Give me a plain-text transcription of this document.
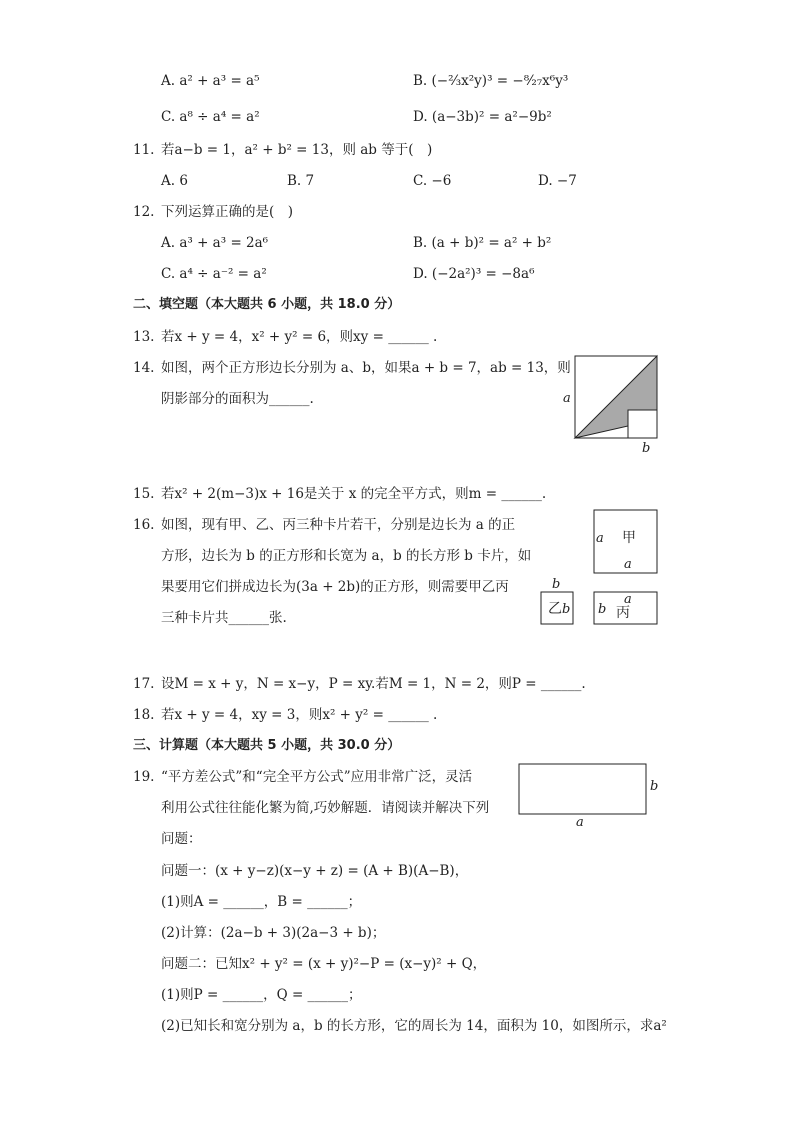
A. a² + a³ = a⁵	B. (−²⁄₃x²y)³ = −⁸⁄₂₇x⁶y³
C. a⁸ ÷ a⁴ = a²	D. (a−3b)² = a²−9b²
11. 若a−b = 1，a² + b² = 13，则 ab 等于(　)
A. 6	B. 7	C. −6	D. −7
12. 下列运算正确的是(　)
A. a³ + a³ = 2a⁶	B. (a + b)² = a² + b²
C. a⁴ ÷ a⁻² = a²	D. (−2a²)³ = −8a⁶
二、填空题（本大题共 6 小题，共 18.0 分）
13. 若x + y = 4，x² + y² = 6，则xy = ______ .
14. 如图，两个正方形边长分别为 a、b，如果a + b = 7，ab = 13，则
阴影部分的面积为______.	a
b
15. 若x² + 2(m−3)x + 16是关于 x 的完全平方式，则m = ______.
16. 如图，现有甲、乙、丙三种卡片若干，分别是边长为 a 的正
方形，边长为 b 的正方形和长宽为 a，b 的长方形 b 卡片，如
果要用它们拼成边长为(3a + 2b)的正方形，则需要甲乙丙
三种卡片共______张.
a 甲
a
b
乙 b b
a
丙
17. 设M = x + y，N = x−y，P = xy.若M = 1，N = 2，则P = ______.
18. 若x + y = 4，xy = 3，则x² + y² = ______ .
三、计算题（本大题共 5 小题，共 30.0 分）
19. “平方差公式”和“完全平方公式”应用非常广泛，灵活
利用公式往往能化繁为简,巧妙解题．请阅读并解决下列
问题：
问题一：(x + y−z)(x−y + z) = (A + B)(A−B)，
(1)则A = ______，B = ______；
(2)计算：(2a−b + 3)(2a−3 + b)；
问题二：已知x² + y² = (x + y)²−P = (x−y)² + Q，
(1)则P = ______，Q = ______；
(2)已知长和宽分别为 a，b 的长方形，它的周长为 14，面积为 10，如图所示，求a²
b
a
